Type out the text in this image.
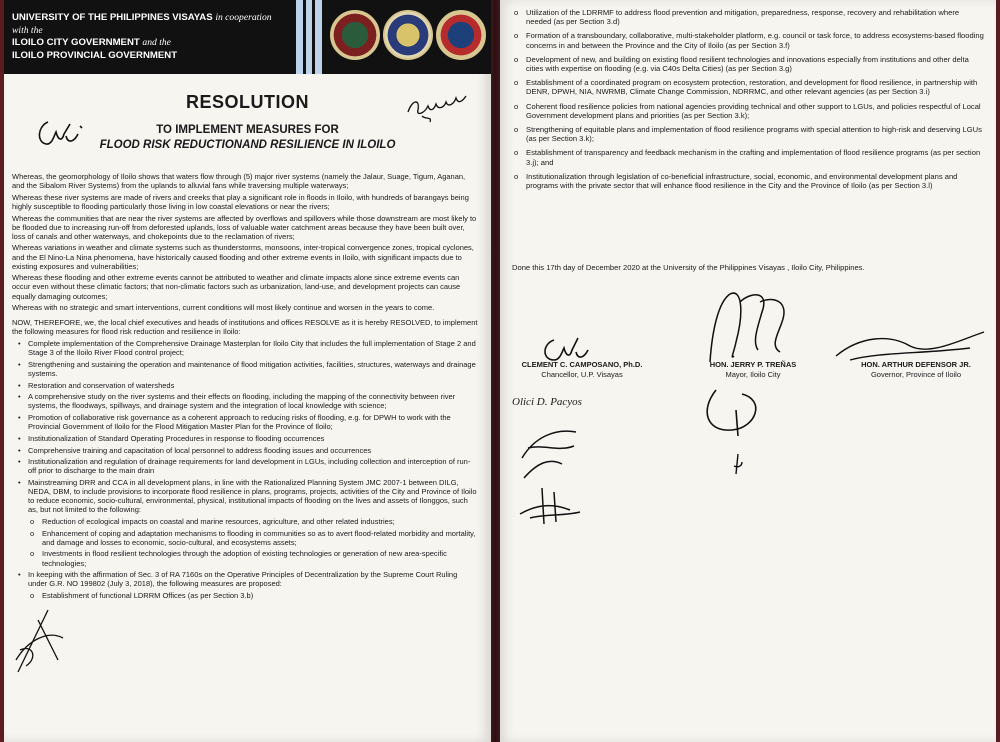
UNIVERSITY OF THE PHILIPPINES VISAYAS in cooperation with the
ILOILO CITY GOVERNMENT and the
ILOILO PROVINCIAL GOVERNMENT
RESOLUTION
TO IMPLEMENT MEASURES FOR
FLOOD RISK REDUCTIONAND RESILIENCE IN ILOILO

Whereas, the geomorphology of Iloilo shows that waters flow through (5) major river systems (namely the Jalaur, Suage, Tigum, Aganan, and the Sibalom River Systems) from the uplands to alluvial fans while traversing multiple waterways;

Whereas these river systems are made of rivers and creeks that play a significant role in floods in Iloilo, with hundreds of barangays being highly susceptible to flooding particularly those living in low coastal elevations or near the rivers;

Whereas the communities that are near the river systems are affected by overflows and spillovers while those downstream are most likely to be flooded due to increasing run-off from deforested uplands, loss of valuable water catchment areas because they have been built over, loss of canals and other waterways, and chokepoints due to the reclamation of rivers;

Whereas variations in weather and climate systems such as thunderstorms, monsoons, inter-tropical convergence zones, tropical cyclones, and the El Nino-La Nina phenomena, have historically caused flooding and other extreme events in Iloilo, with significant impacts due to existing exposures and vulnerabilities;

Whereas these flooding and other extreme events cannot be attributed to weather and climate impacts alone since extreme events can occur even without these climatic factors; that non-climatic factors such as urbanization, land-use, and development projects can cause equally damaging outcomes;

Whereas with no strategic and smart interventions, current conditions will most likely continue and worsen in the years to come.

NOW, THEREFORE, we, the local chief executives and heads of institutions and offices RESOLVE as it is hereby RESOLVED, to implement the following measures for flood risk reduction and resilience in Iloilo:

• Complete implementation of the Comprehensive Drainage Masterplan for Iloilo City that includes the full implementation of Stage 2 and Stage 3 of the Iloilo River Flood control project;
• Strengthening and sustaining the operation and maintenance of flood mitigation activities, facilities, structures, waterways and drainage systems.
• Restoration and conservation of watersheds
• A comprehensive study on the river systems and their effects on flooding, including the mapping of the connectivity between river systems, the floodways, spillways, and drainage system and the integration of local knowledge with science;
• Promotion of collaborative risk governance as a coherent approach to reducing risks of flooding, e.g. for DPWH to work with the Provincial Government of Iloilo for the Flood Mitigation Master Plan for the Province of Iloilo;
• Institutionalization of Standard Operating Procedures in response to flooding occurrences
• Comprehensive training and capacitation of local personnel to address flooding issues and occurrences
• Institutionalization and regulation of drainage requirements for land development in LGUs, including collection and interception of run-off prior to discharge to the main drain
• Mainstreaming DRR and CCA in all development plans, in line with the Rationalized Planning System JMC 2007-1 between DILG, NEDA, DBM, to include provisions to incorporate flood resilience in plans, programs, projects, activities of the City and Province of Iloilo to reduce economic, socio-cultural, environmental, physical, institutional impacts of flooding on the lives and assets of Ilonggos, such as, but not limited to the following:
o	Reduction of ecological impacts on coastal and marine resources, agriculture, and other related industries;
o	Enhancement of coping and adaptation mechanisms to flooding in communities so as to avert flood-related morbidity and mortality, and damage and losses to economic, socio-cultural, and ecosystems assets;
o	Investments in flood resilient technologies through the adoption of existing technologies or generation of new area-specific technologies;
• In keeping with the affirmation of Sec. 3 of RA 7160s on the Operative Principles of Decentralization by the Supreme Court Ruling under G.R. NO 199802 (July 3, 2018), the following measures are proposed:
o	Establishment of functional LDRRM Offices (as per Section 3.b)
o	Utilization of the LDRRMF to address flood prevention and mitigation, preparedness, response, recovery and rehabilitation where needed (as per Section 3.d)
o	Formation of a transboundary, collaborative, multi-stakeholder platform, e.g. council or task force, to address ecosystems-based flooding concerns in and between the Province and the City of Iloilo (as per Section 3.f)
o	Development of new, and building on existing flood resilient technologies and innovations especially from institutions and other delta cities with expertise on flooding (e.g. via C40s Delta Cities) (as per Section 3.g)
o	Establishment of a coordinated program on ecosystem protection, restoration, and development for flood resilience, in partnership with DENR, DPWH, NIA, NWRMB, Climate Change Commission, NDRRMC, and other relevant agencies (as per Section 3.i)
o	Coherent flood resilience policies from national agencies providing technical and other support to LGUs, and policies respectful of Local Government development plans and priorities (as per Section 3.k);
o	Strengthening of equitable plans and implementation of flood resilience programs with special attention to high-risk and deserving LGUs (as per Section 3.k);
o	Establishment of transparency and feedback mechanism in the crafting and implementation of flood resilience programs (as per section 3.j); and
o	Institutionalization through legislation of co-beneficial infrastructure, social, economic, and environmental development plans and programs with the private sector that will enhance flood resilience in the City and the Province of Iloilo (as per Section 3.l)
Done this 17th day of December 2020 at the University of the Philippines Visayas , Iloilo City, Philippines.
CLEMENT C. CAMPOSANO, Ph.D.
Chancellor, U.P. Visayas
HON. JERRY P. TREÑAS
Mayor, Iloilo City
HON. ARTHUR DEFENSOR JR.
Governor, Province of Iloilo
Olici D. Pacyos
